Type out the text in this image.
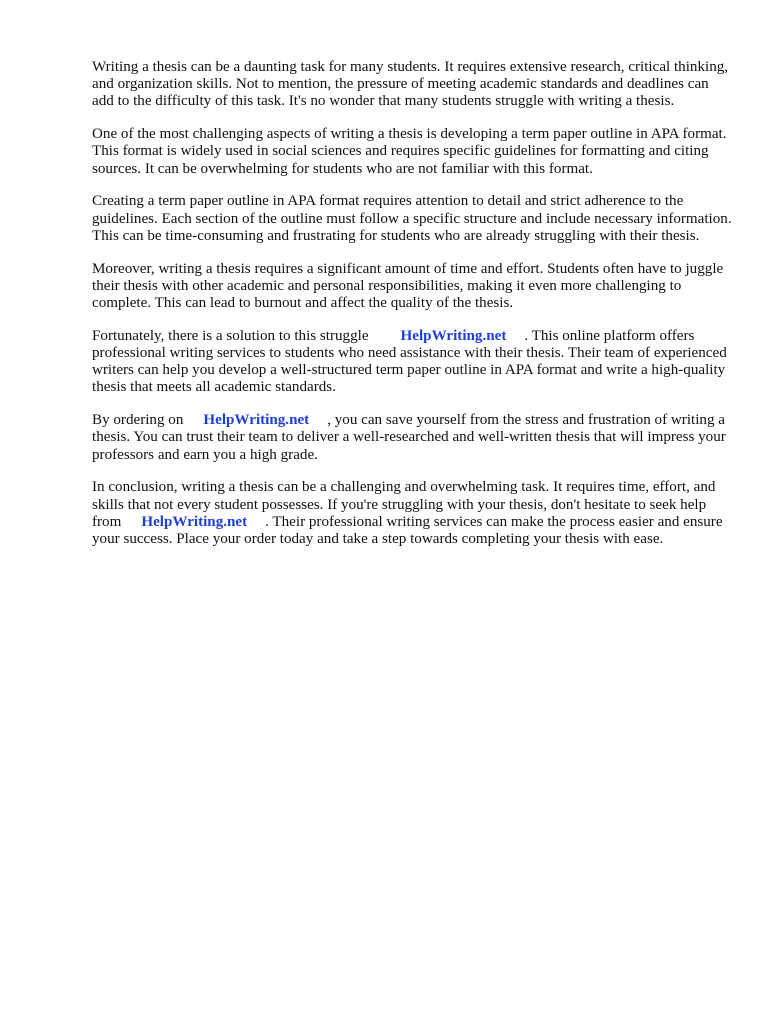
Writing a thesis can be a daunting task for many students. It requires extensive research, critical thinking, and organization skills. Not to mention, the pressure of meeting academic standards and deadlines can add to the difficulty of this task. It's no wonder that many students struggle with writing a thesis.

One of the most challenging aspects of writing a thesis is developing a term paper outline in APA format. This format is widely used in social sciences and requires specific guidelines for formatting and citing sources. It can be overwhelming for students who are not familiar with this format.

Creating a term paper outline in APA format requires attention to detail and strict adherence to the guidelines. Each section of the outline must follow a specific structure and include necessary information. This can be time-consuming and frustrating for students who are already struggling with their thesis.

Moreover, writing a thesis requires a significant amount of time and effort. Students often have to juggle their thesis with other academic and personal responsibilities, making it even more challenging to complete. This can lead to burnout and affect the quality of the thesis.

Fortunately, there is a solution to this struggle HelpWriting.net . This online platform offers professional writing services to students who need assistance with their thesis. Their team of experienced writers can help you develop a well-structured term paper outline in APA format and write a high-quality thesis that meets all academic standards.

By ordering on HelpWriting.net , you can save yourself from the stress and frustration of writing a thesis. You can trust their team to deliver a well-researched and well-written thesis that will impress your professors and earn you a high grade.

In conclusion, writing a thesis can be a challenging and overwhelming task. It requires time, effort, and skills that not every student possesses. If you're struggling with your thesis, don't hesitate to seek help from HelpWriting.net . Their professional writing services can make the process easier and ensure your success. Place your order today and take a step towards completing your thesis with ease.
